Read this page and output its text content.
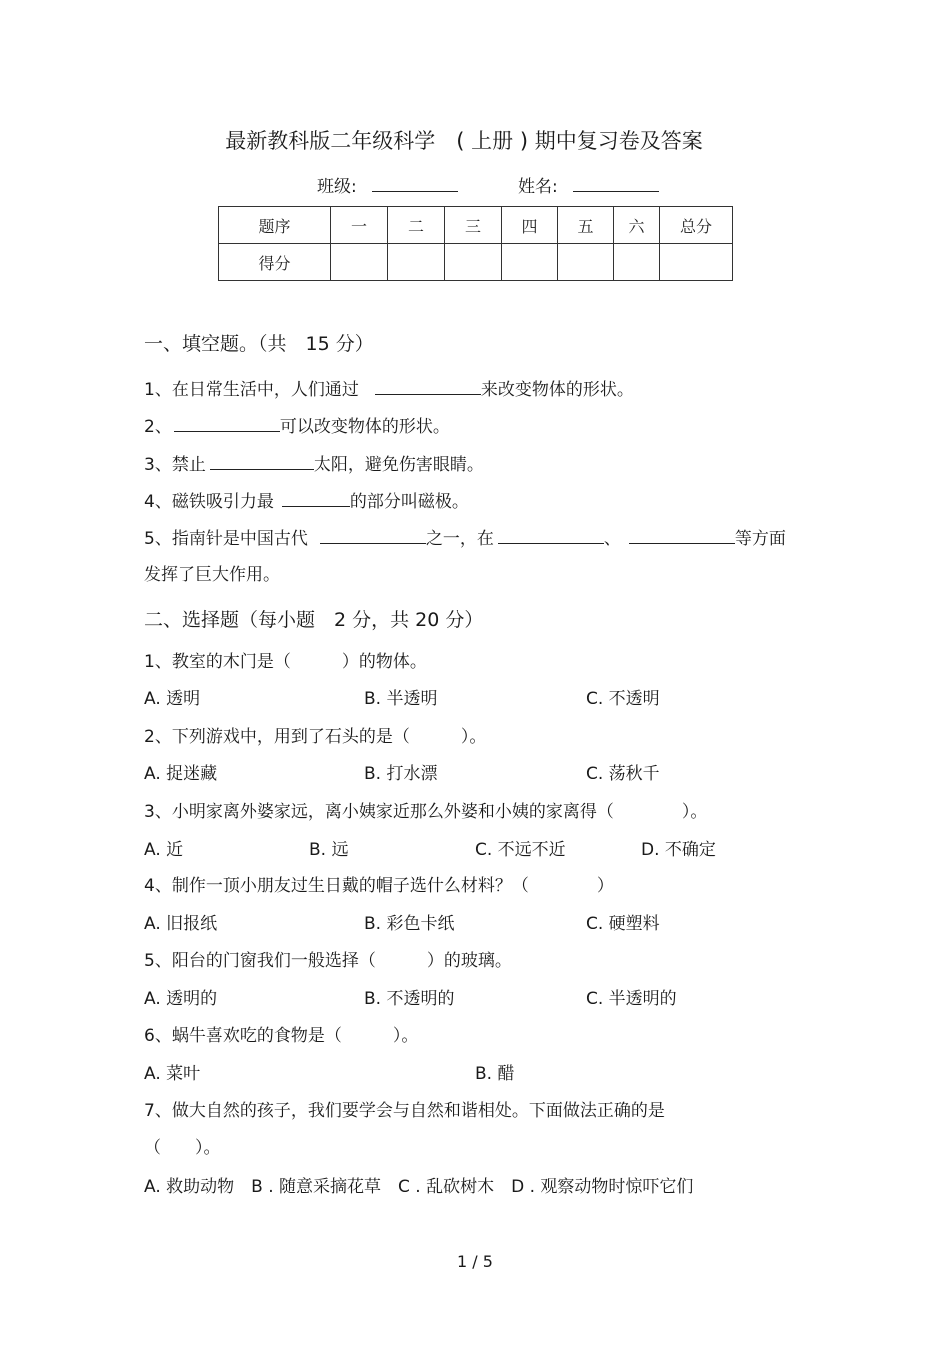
最新教科版二年级科学　( 上册 ) 期中复习卷及答案
班级:	姓名:
题序	一	二	三	四	五	六	总分
得分							
一、填空题。（共　15 分）
1、在日常生活中，人们通过	来改变物体的形状。
2、	可以改变物体的形状。
3、禁止	太阳，避免伤害眼睛。
4、磁铁吸引力最	的部分叫磁极。
5、指南针是中国古代	之一，在	、	等方面
发挥了巨大作用。
二、选择题（每小题　2 分，共 20 分）
1、教室的木门是（　　　）的物体。
A. 透明	B. 半透明	C. 不透明
2、下列游戏中，用到了石头的是（　　　）。
A. 捉迷藏	B. 打水漂	C. 荡秋千
3、小明家离外婆家远，离小姨家近那么外婆和小姨的家离得（　　　　）。
A. 近	B. 远	C. 不远不近	D. 不确定
4、制作一顶小朋友过生日戴的帽子选什么材料？（　　　　）
A. 旧报纸	B. 彩色卡纸	C. 硬塑料
5、阳台的门窗我们一般选择（　　　）的玻璃。
A. 透明的	B. 不透明的	C. 半透明的
6、蜗牛喜欢吃的食物是（　　　）。
A. 菜叶	B. 醋
7、做大自然的孩子，我们要学会与自然和谐相处。下面做法正确的是
（　　）。
A. 救助动物　B . 随意采摘花草　C . 乱砍树木　D . 观察动物时惊吓它们
1 / 5
